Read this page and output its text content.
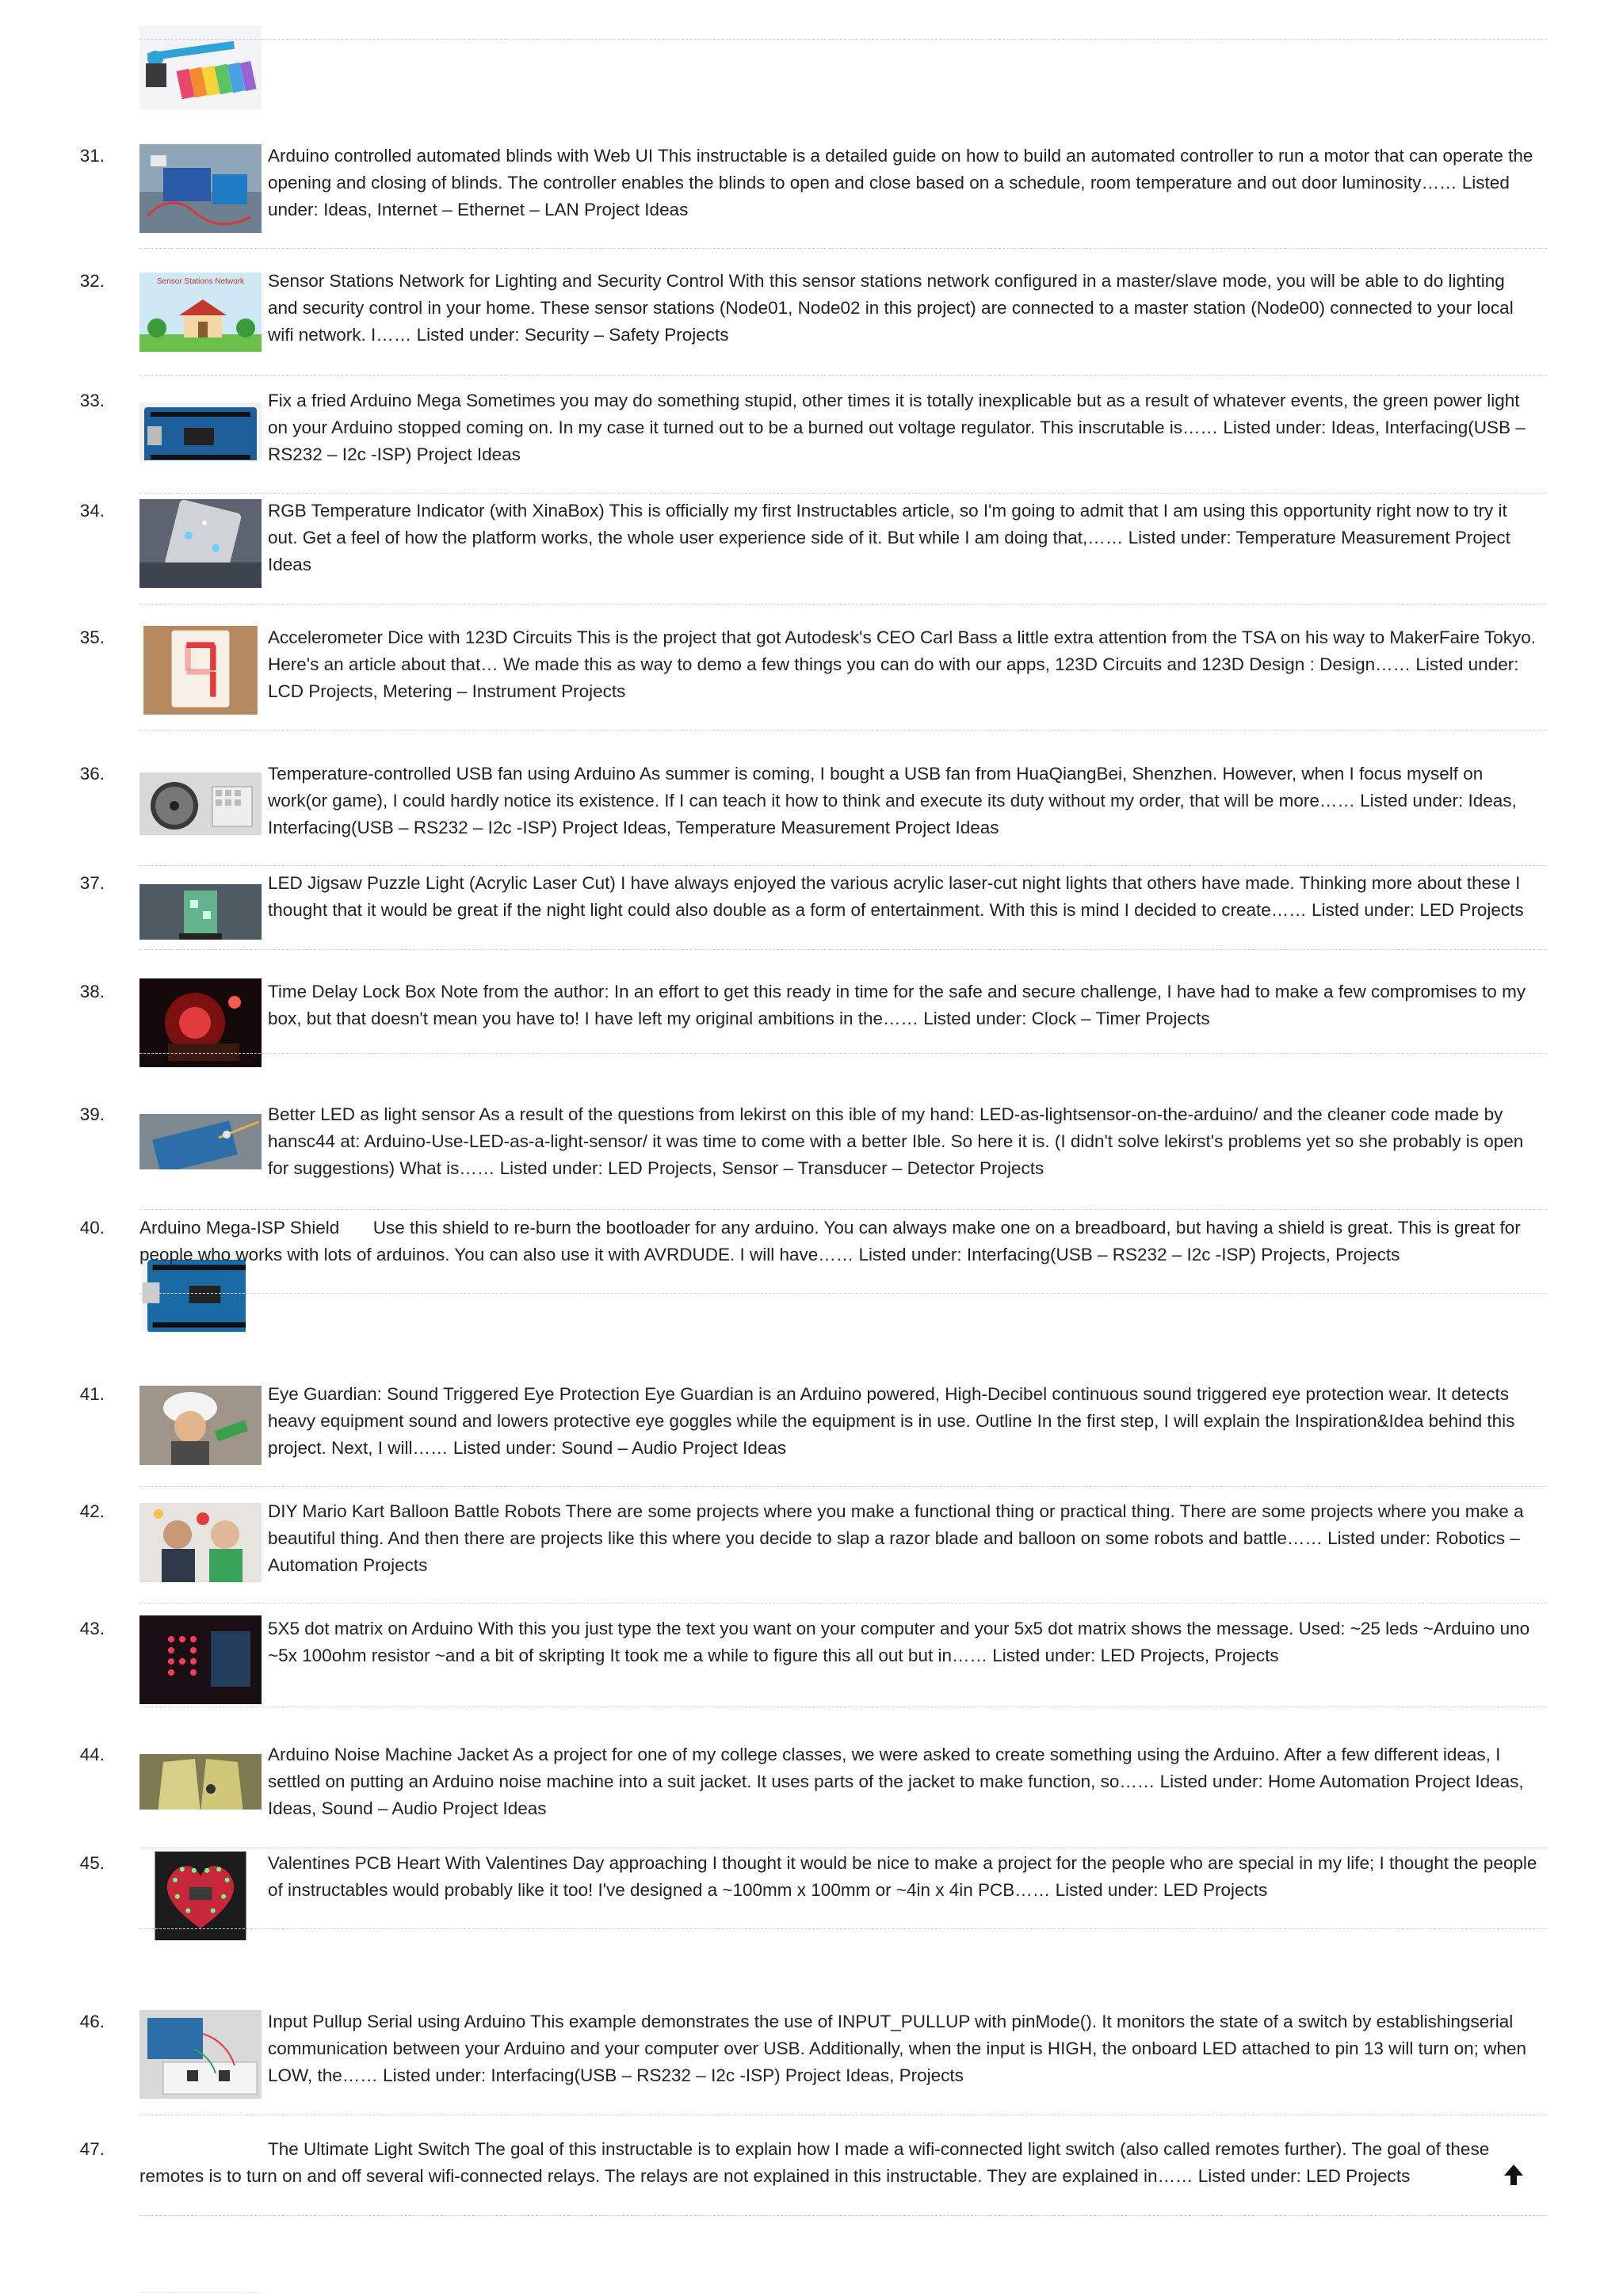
31.	Arduino controlled automated blinds with Web UI This instructable is a detailed guide on how to build an automated controller to run a motor that can operate the opening and closing of blinds. The controller enables the blinds to open and close based on a schedule, room temperature and out door luminosity…… Listed under: Ideas, Internet – Ethernet – LAN Project Ideas
32.	Sensor Stations Network Sensor Stations Network for Lighting and Security Control With this sensor stations network configured in a master/slave mode, you will be able to do lighting and security control in your home. These sensor stations (Node01, Node02 in this project) are connected to a master station (Node00) connected to your local wifi network. I…… Listed under: Security – Safety Projects
33.	Fix a fried Arduino Mega Sometimes you may do something stupid, other times it is totally inexplicable but as a result of whatever events, the green power light on your Arduino stopped coming on. In my case it turned out to be a burned out voltage regulator. This inscrutable is…… Listed under: Ideas, Interfacing(USB – RS232 – I2c -ISP) Project Ideas
34.	RGB Temperature Indicator (with XinaBox) This is officially my first Instructables article, so I'm going to admit that I am using this opportunity right now to try it out. Get a feel of how the platform works, the whole user experience side of it. But while I am doing that,…… Listed under: Temperature Measurement Project Ideas
35.	Accelerometer Dice with 123D Circuits This is the project that got Autodesk's CEO Carl Bass a little extra attention from the TSA on his way to MakerFaire Tokyo. Here's an article about that… We made this as way to demo a few things you can do with our apps, 123D Circuits and 123D Design : Design…… Listed under: LCD Projects, Metering – Instrument Projects
36.	Temperature-controlled USB fan using Arduino As summer is coming, I bought a USB fan from HuaQiangBei, Shenzhen. However, when I focus myself on work(or game), I could hardly notice its existence. If I can teach it how to think and execute its duty without my order, that will be more…… Listed under: Ideas, Interfacing(USB – RS232 – I2c -ISP) Project Ideas, Temperature Measurement Project Ideas
37.	LED Jigsaw Puzzle Light (Acrylic Laser Cut) I have always enjoyed the various acrylic laser-cut night lights that others have made. Thinking more about these I thought that it would be great if the night light could also double as a form of entertainment. With this is mind I decided to create…… Listed under: LED Projects
38.	Time Delay Lock Box Note from the author: In an effort to get this ready in time for the safe and secure challenge, I have had to make a few compromises to my box, but that doesn't mean you have to! I have left my original ambitions in the…… Listed under: Clock – Timer Projects
39.	Better LED as light sensor As a result of the questions from lekirst on this ible of my hand: LED-as-lightsensor-on-the-arduino/ and the cleaner code made by hansc44 at: Arduino-Use-LED-as-a-light-sensor/ it was time to come with a better Ible. So here it is. (I didn't solve lekirst's problems yet so she probably is open for suggestions) What is…… Listed under: LED Projects, Sensor – Transducer – Detector Projects
40. Arduino Mega-ISP Shield	Use this shield to re-burn the bootloader for any arduino. You can always make one on a breadboard, but having a shield is great. This is great for people who works with lots of arduinos. You can also use it with AVRDUDE. I will have…… Listed under: Interfacing(USB – RS232 – I2c -ISP) Projects, Projects
41.	Eye Guardian: Sound Triggered Eye Protection Eye Guardian is an Arduino powered, High-Decibel continuous sound triggered eye protection wear. It detects heavy equipment sound and lowers protective eye goggles while the equipment is in use. Outline In the first step, I will explain the Inspiration&Idea behind this project. Next, I will…… Listed under: Sound – Audio Project Ideas
42.	DIY Mario Kart Balloon Battle Robots There are some projects where you make a functional thing or practical thing. There are some projects where you make a beautiful thing. And then there are projects like this where you decide to slap a razor blade and balloon on some robots and battle…… Listed under: Robotics – Automation Projects
43.	5X5 dot matrix on Arduino With this you just type the text you want on your computer and your 5x5 dot matrix shows the message. Used: ~25 leds ~Arduino uno ~5x 100ohm resistor ~and a bit of skripting It took me a while to figure this all out but in…… Listed under: LED Projects, Projects
44.	Arduino Noise Machine Jacket As a project for one of my college classes, we were asked to create something using the Arduino. After a few different ideas, I settled on putting an Arduino noise machine into a suit jacket. It uses parts of the jacket to make function, so…… Listed under: Home Automation Project Ideas, Ideas, Sound – Audio Project Ideas
45.	Valentines PCB Heart With Valentines Day approaching I thought it would be nice to make a project for the people who are special in my life; I thought the people of instructables would probably like it too! I've designed a ~100mm x 100mm or ~4in x 4in PCB…… Listed under: LED Projects
46.	Input Pullup Serial using Arduino This example demonstrates the use of INPUT_PULLUP with pinMode(). It monitors the state of a switch by establishingserial communication between your Arduino and your computer over USB. Additionally, when the input is HIGH, the onboard LED attached to pin 13 will turn on; when LOW, the…… Listed under: Interfacing(USB – RS232 – I2c -ISP) Project Ideas, Projects
47.	The Ultimate Light Switch The goal of this instructable is to explain how I made a wifi-connected light switch (also called remotes further). The goal of these remotes is to turn on and off several wifi-connected relays. The relays are not explained in this instructable. They are explained in…… Listed under: LED Projects
